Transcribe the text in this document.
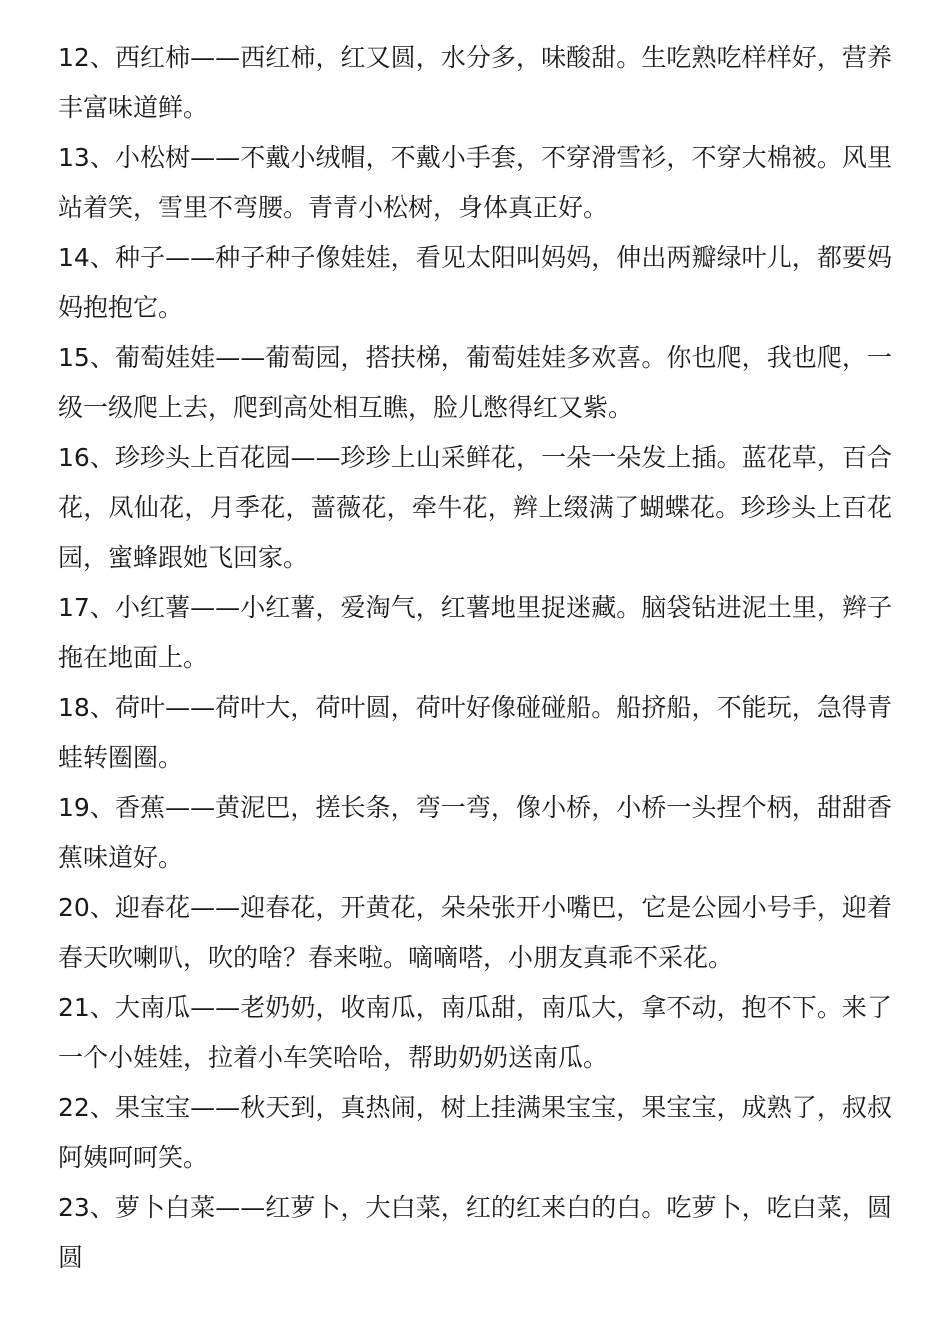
12、西红柿——西红柿，红又圆，水分多，味酸甜。生吃熟吃样样好，营养丰富味道鲜。

13、小松树——不戴小绒帽，不戴小手套，不穿滑雪衫，不穿大棉被。风里站着笑，雪里不弯腰。青青小松树，身体真正好。

14、种子——种子种子像娃娃，看见太阳叫妈妈，伸出两瓣绿叶儿，都要妈妈抱抱它。

15、葡萄娃娃——葡萄园，搭扶梯，葡萄娃娃多欢喜。你也爬，我也爬，一级一级爬上去，爬到高处相互瞧，脸儿憋得红又紫。

16、珍珍头上百花园——珍珍上山采鲜花，一朵一朵发上插。蓝花草，百合花，凤仙花，月季花，蔷薇花，牵牛花，辫上缀满了蝴蝶花。珍珍头上百花园，蜜蜂跟她飞回家。

17、小红薯——小红薯，爱淘气，红薯地里捉迷藏。脑袋钻进泥土里，辫子拖在地面上。

18、荷叶——荷叶大，荷叶圆，荷叶好像碰碰船。船挤船，不能玩，急得青蛙转圈圈。

19、香蕉——黄泥巴，搓长条，弯一弯，像小桥，小桥一头捏个柄，甜甜香蕉味道好。

20、迎春花——迎春花，开黄花，朵朵张开小嘴巴，它是公园小号手，迎着春天吹喇叭，吹的啥？春来啦。嘀嘀嗒，小朋友真乖不采花。

21、大南瓜——老奶奶，收南瓜，南瓜甜，南瓜大，拿不动，抱不下。来了一个小娃娃，拉着小车笑哈哈，帮助奶奶送南瓜。

22、果宝宝——秋天到，真热闹，树上挂满果宝宝，果宝宝，成熟了，叔叔阿姨呵呵笑。

23、萝卜白菜——红萝卜，大白菜，红的红来白的白。吃萝卜，吃白菜，圆圆
